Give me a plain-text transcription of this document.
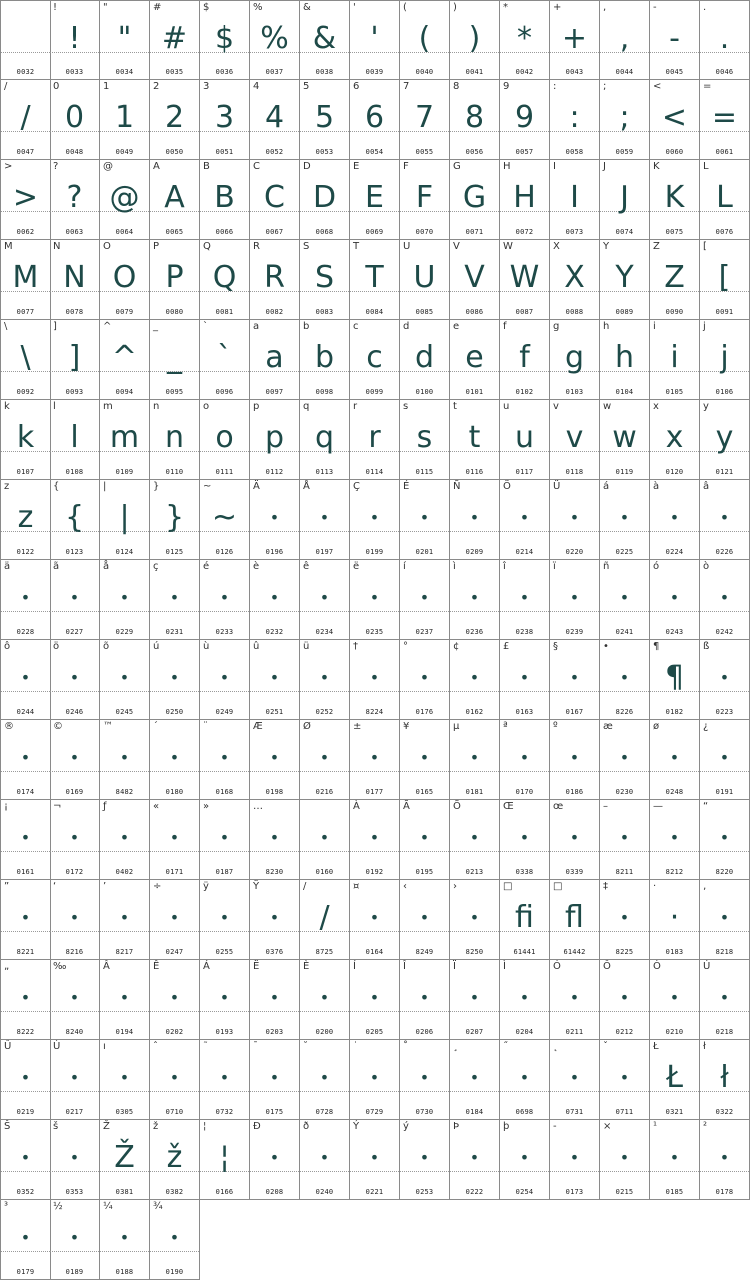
0032
!
!
0033
"
"
0034
#
#
0035
$
$
0036
%
%
0037
&
&
0038
'
'
0039
(
(
0040
)
)
0041
*
*
0042
+
+
0043
,
,
0044
-
-
0045
.
.
0046
/
/
0047
0
0
0048
1
1
0049
2
2
0050
3
3
0051
4
4
0052
5
5
0053
6
6
0054
7
7
0055
8
8
0056
9
9
0057
:
:
0058
;
;
0059
<
<
0060
=
=
0061
>
>
0062
?
?
0063
@
@
0064
A
A
0065
B
B
0066
C
C
0067
D
D
0068
E
E
0069
F
F
0070
G
G
0071
H
H
0072
I
I
0073
J
J
0074
K
K
0075
L
L
0076
M
M
0077
N
N
0078
O
O
0079
P
P
0080
Q
Q
0081
R
R
0082
S
S
0083
T
T
0084
U
U
0085
V
V
0086
W
W
0087
X
X
0088
Y
Y
0089
Z
Z
0090
[
[
0091
\
\
0092
]
]
0093
^
^
0094
_
_
0095
`
`
0096
a
a
0097
b
b
0098
c
c
0099
d
d
0100
e
e
0101
f
f
0102
g
g
0103
h
h
0104
i
i
0105
j
j
0106
k
k
0107
l
l
0108
m
m
0109
n
n
0110
o
o
0111
p
p
0112
q
q
0113
r
r
0114
s
s
0115
t
t
0116
u
u
0117
v
v
0118
w
w
0119
x
x
0120
y
y
0121
z
z
0122
{
{
0123
|
|
0124
}
}
0125
~
~
0126
Ä
•
0196
Å
•
0197
Ç
•
0199
É
•
0201
Ñ
•
0209
Ö
•
0214
Ü
•
0220
á
•
0225
à
•
0224
â
•
0226
ä
•
0228
ã
•
0227
å
•
0229
ç
•
0231
é
•
0233
è
•
0232
ê
•
0234
ë
•
0235
í
•
0237
ì
•
0236
î
•
0238
ï
•
0239
ñ
•
0241
ó
•
0243
ò
•
0242
ô
•
0244
ö
•
0246
õ
•
0245
ú
•
0250
ù
•
0249
û
•
0251
ü
•
0252
†
•
8224
°
•
0176
¢
•
0162
£
•
0163
§
•
0167
•
•
8226
¶
¶
0182
ß
•
0223
®
•
0174
©
•
0169
™
•
8482
´
•
0180
¨
•
0168
Æ
•
0198
Ø
•
0216
±
•
0177
¥
•
0165
µ
•
0181
ª
•
0170
º
•
0186
æ
•
0230
ø
•
0248
¿
•
0191
¡
•
0161
¬
•
0172
ƒ
•
0402
«
•
0171
»
•
0187
…
•
8230
•
0160
À
•
0192
Ã
•
0195
Õ
•
0213
Œ
•
0338
œ
•
0339
–
•
8211
—
•
8212
“
•
8220
”
•
8221
‘
•
8216
’
•
8217
÷
•
0247
ÿ
•
0255
Ÿ
•
0376
/
/
8725
¤
•
0164
‹
•
8249
›
•
8250
□
fi
61441
□
fl
61442
‡
•
8225
·
·
0183
‚
•
8218
„
•
8222
‰
•
8240
Â
•
0194
Ê
•
0202
Á
•
0193
Ë
•
0203
È
•
0200
Í
•
0205
Î
•
0206
Ï
•
0207
Ì
•
0204
Ó
•
0211
Ô
•
0212
Ò
•
0210
Ú
•
0218
Û
•
0219
Ù
•
0217
ı
•
0305
ˆ
•
0710
˜
•
0732
¯
•
0175
˘
•
0728
˙
•
0729
˚
•
0730
¸
•
0184
˝
•
0698
˛
•
0731
ˇ
•
0711
Ł
Ł
0321
ł
ł
0322
Š
•
0352
š
•
0353
Ž
Ž
0381
ž
ž
0382
¦
¦
0166
Ð
•
0208
ð
•
0240
Ý
•
0221
ý
•
0253
Þ
•
0222
þ
•
0254
-
•
0173
×
•
0215
¹
•
0185
²
•
0178
³
•
0179
½
•
0189
¼
•
0188
¾
•
0190
